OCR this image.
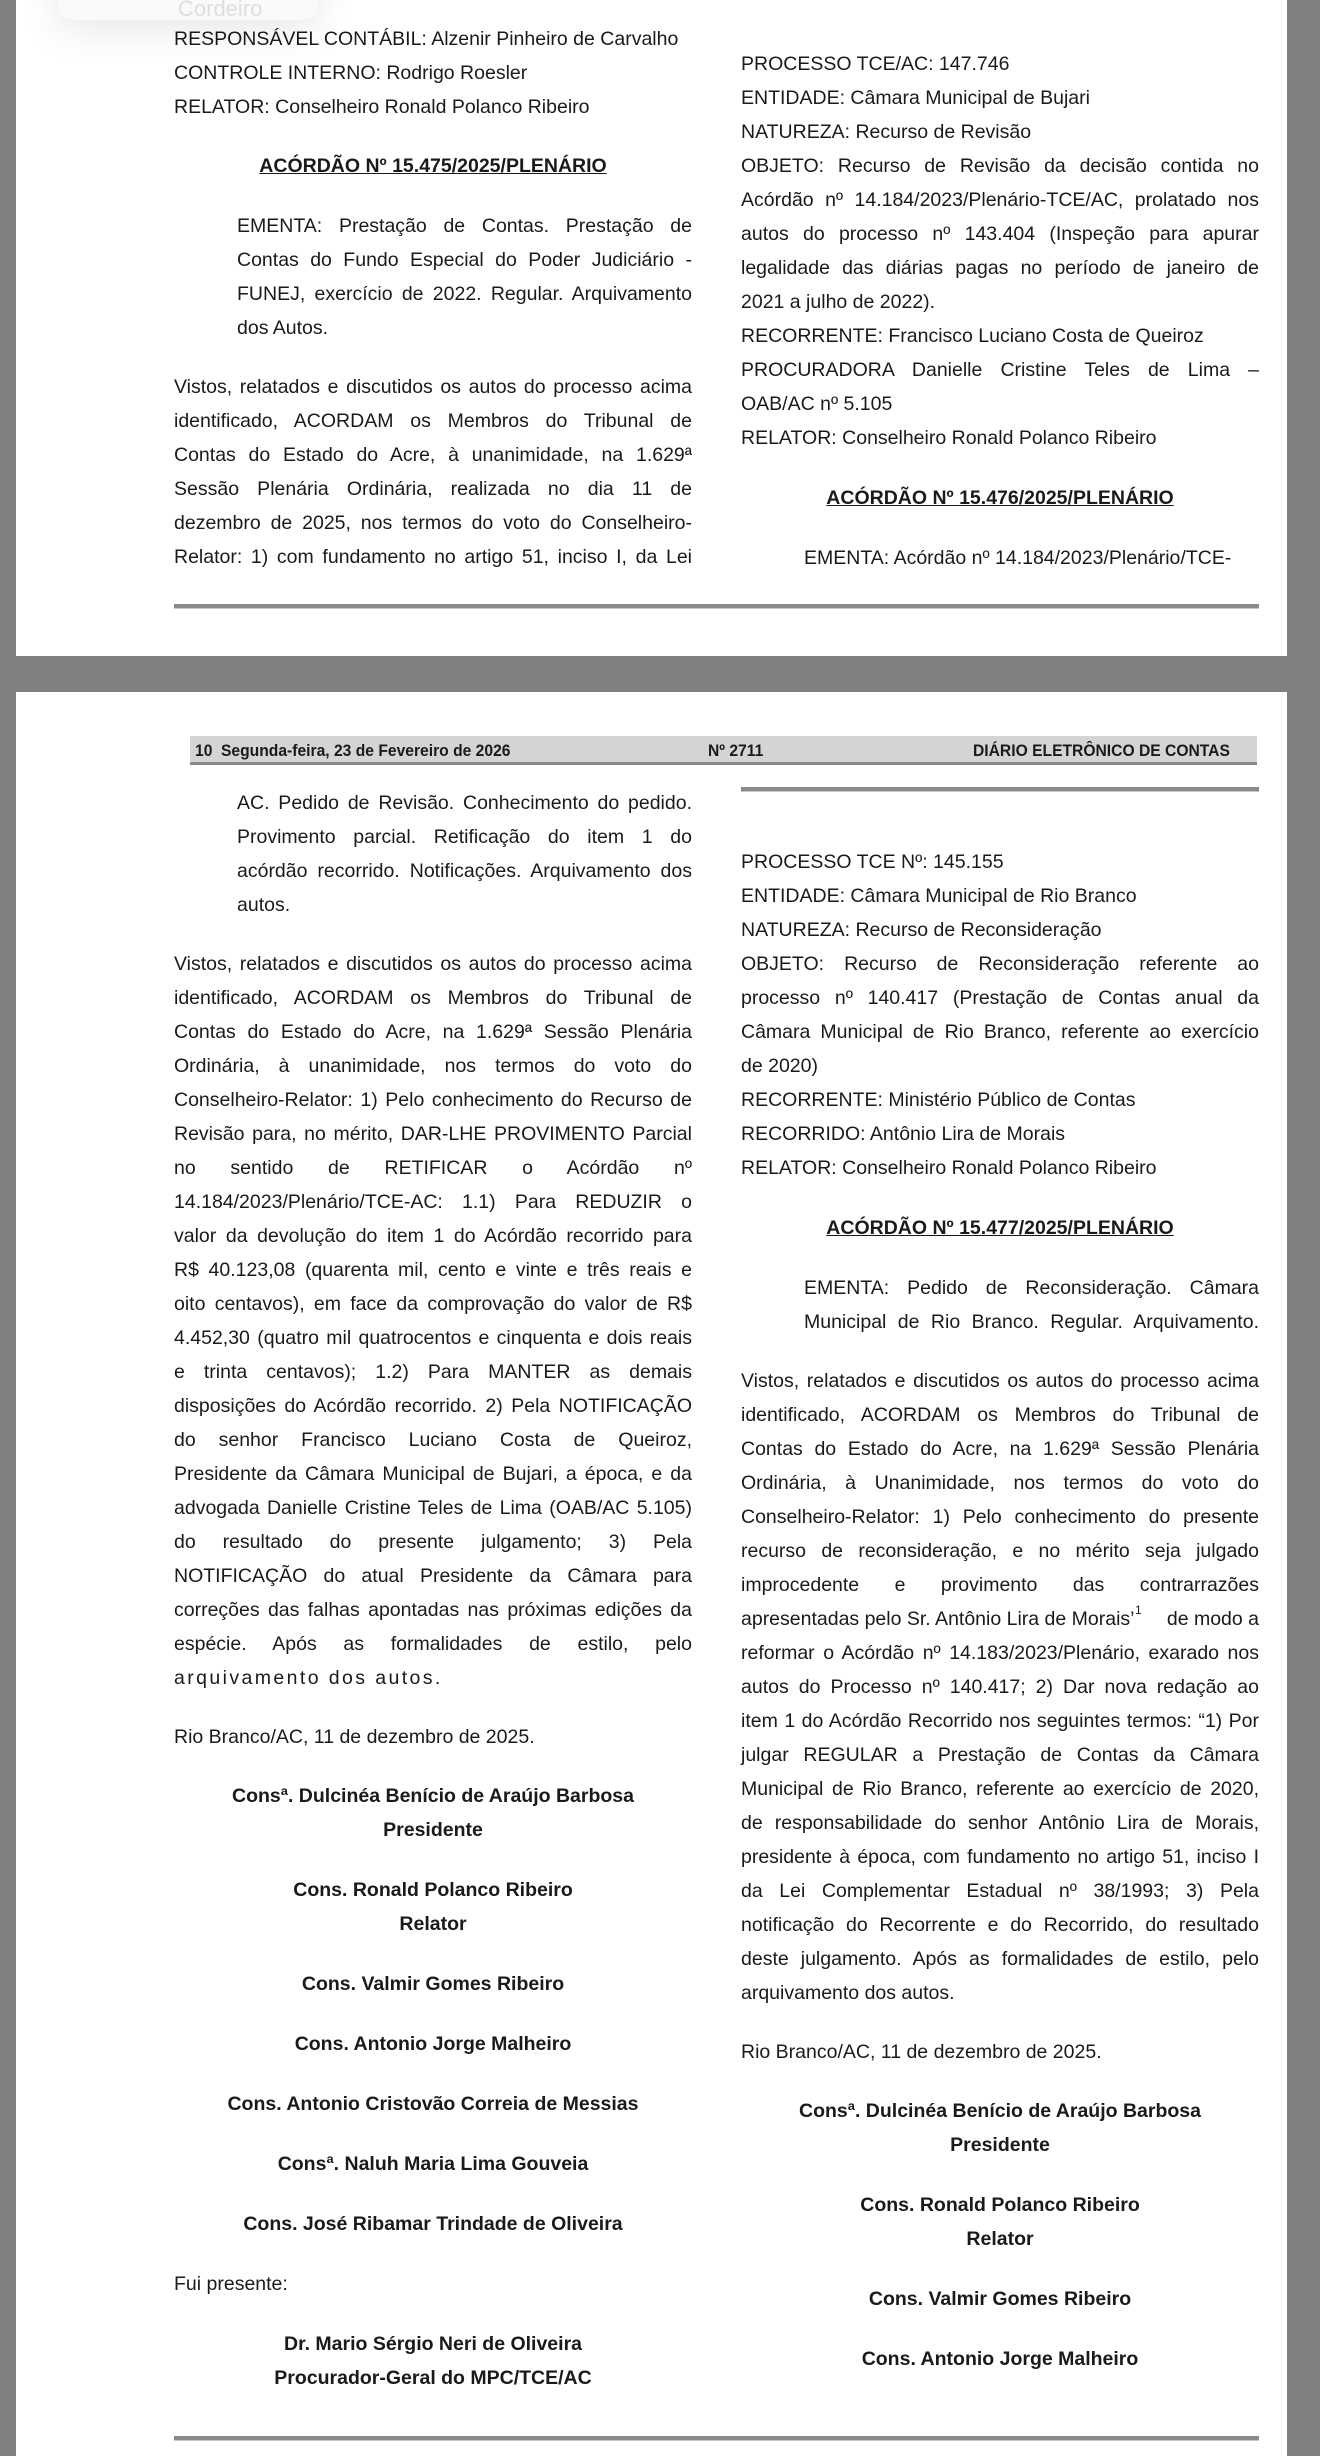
RESPONSÁVEL CONTÁBIL: Alzenir Pinheiro de Carvalho
CONTROLE INTERNO: Rodrigo Roesler
RELATOR: Conselheiro Ronald Polanco Ribeiro
ACÓRDÃO Nº 15.475/2025/PLENÁRIO
EMENTA: Prestação de Contas. Prestação de
Contas do Fundo Especial do Poder Judiciário -
FUNEJ, exercício de 2022. Regular. Arquivamento
dos Autos.
Vistos, relatados e discutidos os autos do processo acima
identificado, ACORDAM os Membros do Tribunal de
Contas do Estado do Acre, à unanimidade, na 1.629ª
Sessão Plenária Ordinária, realizada no dia 11 de
dezembro de 2025, nos termos do voto do Conselheiro-
Relator: 1) com fundamento no artigo 51, inciso I, da Lei
PROCESSO TCE/AC: 147.746
ENTIDADE: Câmara Municipal de Bujari
NATUREZA: Recurso de Revisão
OBJETO: Recurso de Revisão da decisão contida no
Acórdão nº 14.184/2023/Plenário-TCE/AC, prolatado nos
autos do processo nº 143.404 (Inspeção para apurar
legalidade das diárias pagas no período de janeiro de
2021 a julho de 2022).
RECORRENTE: Francisco Luciano Costa de Queiroz
PROCURADORA Danielle Cristine Teles de Lima –
OAB/AC nº 5.105
RELATOR: Conselheiro Ronald Polanco Ribeiro
ACÓRDÃO Nº 15.476/2025/PLENÁRIO
EMENTA: Acórdão nº 14.184/2023/Plenário/TCE-
Cordeiro
10 Segunda-feira, 23 de Fevereiro de 2026	Nº 2711	DIÁRIO ELETRÔNICO DE CONTAS
AC. Pedido de Revisão. Conhecimento do pedido.
Provimento parcial. Retificação do item 1 do
acórdão recorrido. Notificações. Arquivamento dos
autos.
Vistos, relatados e discutidos os autos do processo acima
identificado, ACORDAM os Membros do Tribunal de
Contas do Estado do Acre, na 1.629ª Sessão Plenária
Ordinária, à unanimidade, nos termos do voto do
Conselheiro-Relator: 1) Pelo conhecimento do Recurso de
Revisão para, no mérito, DAR-LHE PROVIMENTO Parcial
no sentido de RETIFICAR o Acórdão nº
14.184/2023/Plenário/TCE-AC: 1.1) Para REDUZIR o
valor da devolução do item 1 do Acórdão recorrido para
R$ 40.123,08 (quarenta mil, cento e vinte e três reais e
oito centavos), em face da comprovação do valor de R$
4.452,30 (quatro mil quatrocentos e cinquenta e dois reais
e trinta centavos); 1.2) Para MANTER as demais
disposições do Acórdão recorrido. 2) Pela NOTIFICAÇÃO
do senhor Francisco Luciano Costa de Queiroz,
Presidente da Câmara Municipal de Bujari, a época, e da
advogada Danielle Cristine Teles de Lima (OAB/AC 5.105)
do resultado do presente julgamento; 3) Pela
NOTIFICAÇÃO do atual Presidente da Câmara para
correções das falhas apontadas nas próximas edições da
espécie. Após as formalidades de estilo, pelo
arquivamento dos autos.
Rio Branco/AC, 11 de dezembro de 2025.
Consª. Dulcinéa Benício de Araújo Barbosa
Presidente
Cons. Ronald Polanco Ribeiro
Relator
Cons. Valmir Gomes Ribeiro
Cons. Antonio Jorge Malheiro
Cons. Antonio Cristovão Correia de Messias
Consª. Naluh Maria Lima Gouveia
Cons. José Ribamar Trindade de Oliveira
Fui presente:
Dr. Mario Sérgio Neri de Oliveira
Procurador-Geral do MPC/TCE/AC
PROCESSO TCE Nº: 145.155
ENTIDADE: Câmara Municipal de Rio Branco
NATUREZA: Recurso de Reconsideração
OBJETO: Recurso de Reconsideração referente ao
processo nº 140.417 (Prestação de Contas anual da
Câmara Municipal de Rio Branco, referente ao exercício
de 2020)
RECORRENTE: Ministério Público de Contas
RECORRIDO: Antônio Lira de Morais
RELATOR: Conselheiro Ronald Polanco Ribeiro
ACÓRDÃO Nº 15.477/2025/PLENÁRIO
EMENTA: Pedido de Reconsideração. Câmara
Municipal de Rio Branco. Regular. Arquivamento.
Vistos, relatados e discutidos os autos do processo acima
identificado, ACORDAM os Membros do Tribunal de
Contas do Estado do Acre, na 1.629ª Sessão Plenária
Ordinária, à Unanimidade, nos termos do voto do
Conselheiro-Relator: 1) Pelo conhecimento do presente
recurso de reconsideração, e no mérito seja julgado
improcedente e provimento das contrarrazões
apresentadas pelo Sr. Antônio Lira de Morais’ 1 de modo a
reformar o Acórdão nº 14.183/2023/Plenário, exarado nos
autos do Processo nº 140.417; 2) Dar nova redação ao
item 1 do Acórdão Recorrido nos seguintes termos: “1) Por
julgar REGULAR a Prestação de Contas da Câmara
Municipal de Rio Branco, referente ao exercício de 2020,
de responsabilidade do senhor Antônio Lira de Morais,
presidente à época, com fundamento no artigo 51, inciso I
da Lei Complementar Estadual nº 38/1993; 3) Pela
notificação do Recorrente e do Recorrido, do resultado
deste julgamento. Após as formalidades de estilo, pelo
arquivamento dos autos.
Rio Branco/AC, 11 de dezembro de 2025.
Consª. Dulcinéa Benício de Araújo Barbosa
Presidente
Cons. Ronald Polanco Ribeiro
Relator
Cons. Valmir Gomes Ribeiro
Cons. Antonio Jorge Malheiro
